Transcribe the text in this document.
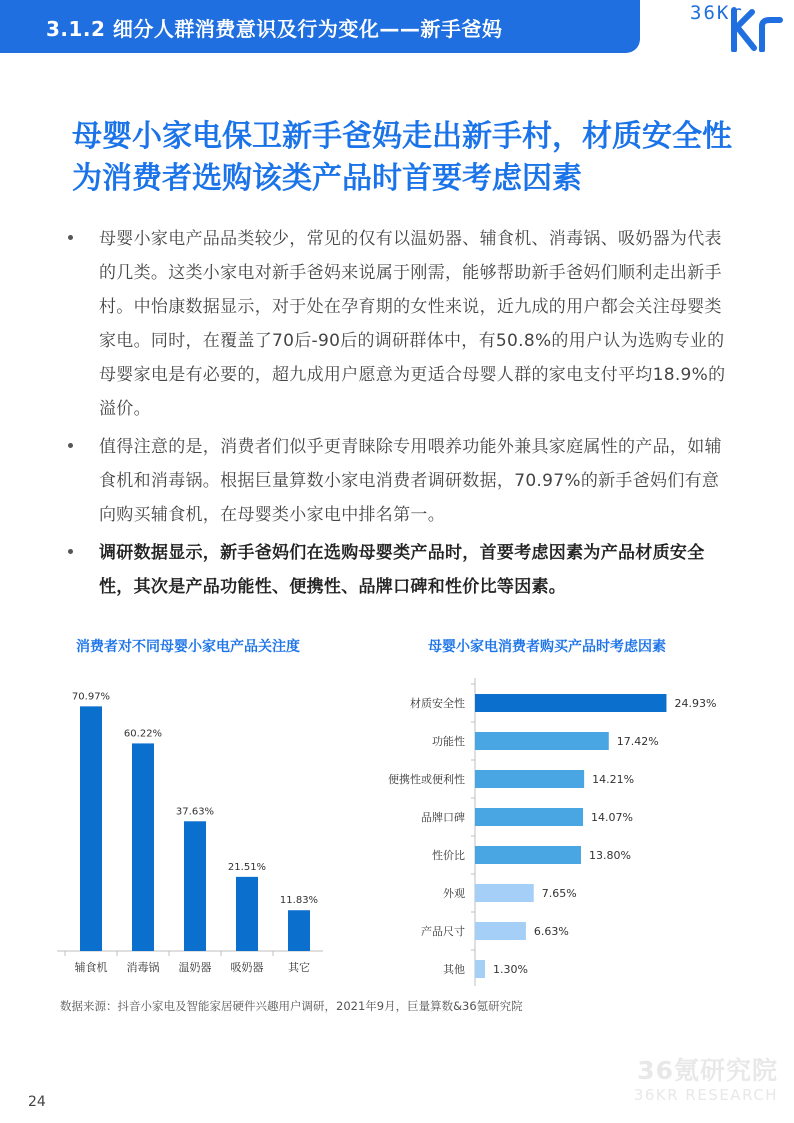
3.1.2 细分人群消费意识及行为变化——新手爸妈
36Kr
母婴小家电保卫新手爸妈走出新手村，材质安全性为消费者选购该类产品时首要考虑因素
母婴小家电产品品类较少，常见的仅有以温奶器、辅食机、消毒锅、吸奶器为代表的几类。这类小家电对新手爸妈来说属于刚需，能够帮助新手爸妈们顺利走出新手村。中怡康数据显示，对于处在孕育期的女性来说，近九成的用户都会关注母婴类家电。同时，在覆盖了70后-90后的调研群体中，有50.8%的用户认为选购专业的母婴家电是有必要的，超九成用户愿意为更适合母婴人群的家电支付平均18.9%的溢价。
值得注意的是，消费者们似乎更青睐除专用喂养功能外兼具家庭属性的产品，如辅食机和消毒锅。根据巨量算数小家电消费者调研数据，70.97%的新手爸妈们有意向购买辅食机，在母婴类小家电中排名第一。
调研数据显示，新手爸妈们在选购母婴类产品时，首要考虑因素为产品材质安全性，其次是产品功能性、便携性、品牌口碑和性价比等因素。
消费者对不同母婴小家电产品关注度	母婴小家电消费者购买产品时考虑因素
70.97%
辅食机
60.22%
消毒锅
37.63%
温奶器
21.51%
吸奶器
11.83%
其它
材质安全性	24.93%
功能性	17.42%
便携性或便利性	14.21%
品牌口碑	14.07%
性价比	13.80%
外观	7.65%
产品尺寸	6.63%
其他	1.30%
数据来源：抖音小家电及智能家居硬件兴趣用户调研，2021年9月，巨量算数&36氪研究院
36氪研究院
36KR RESEARCH
24
